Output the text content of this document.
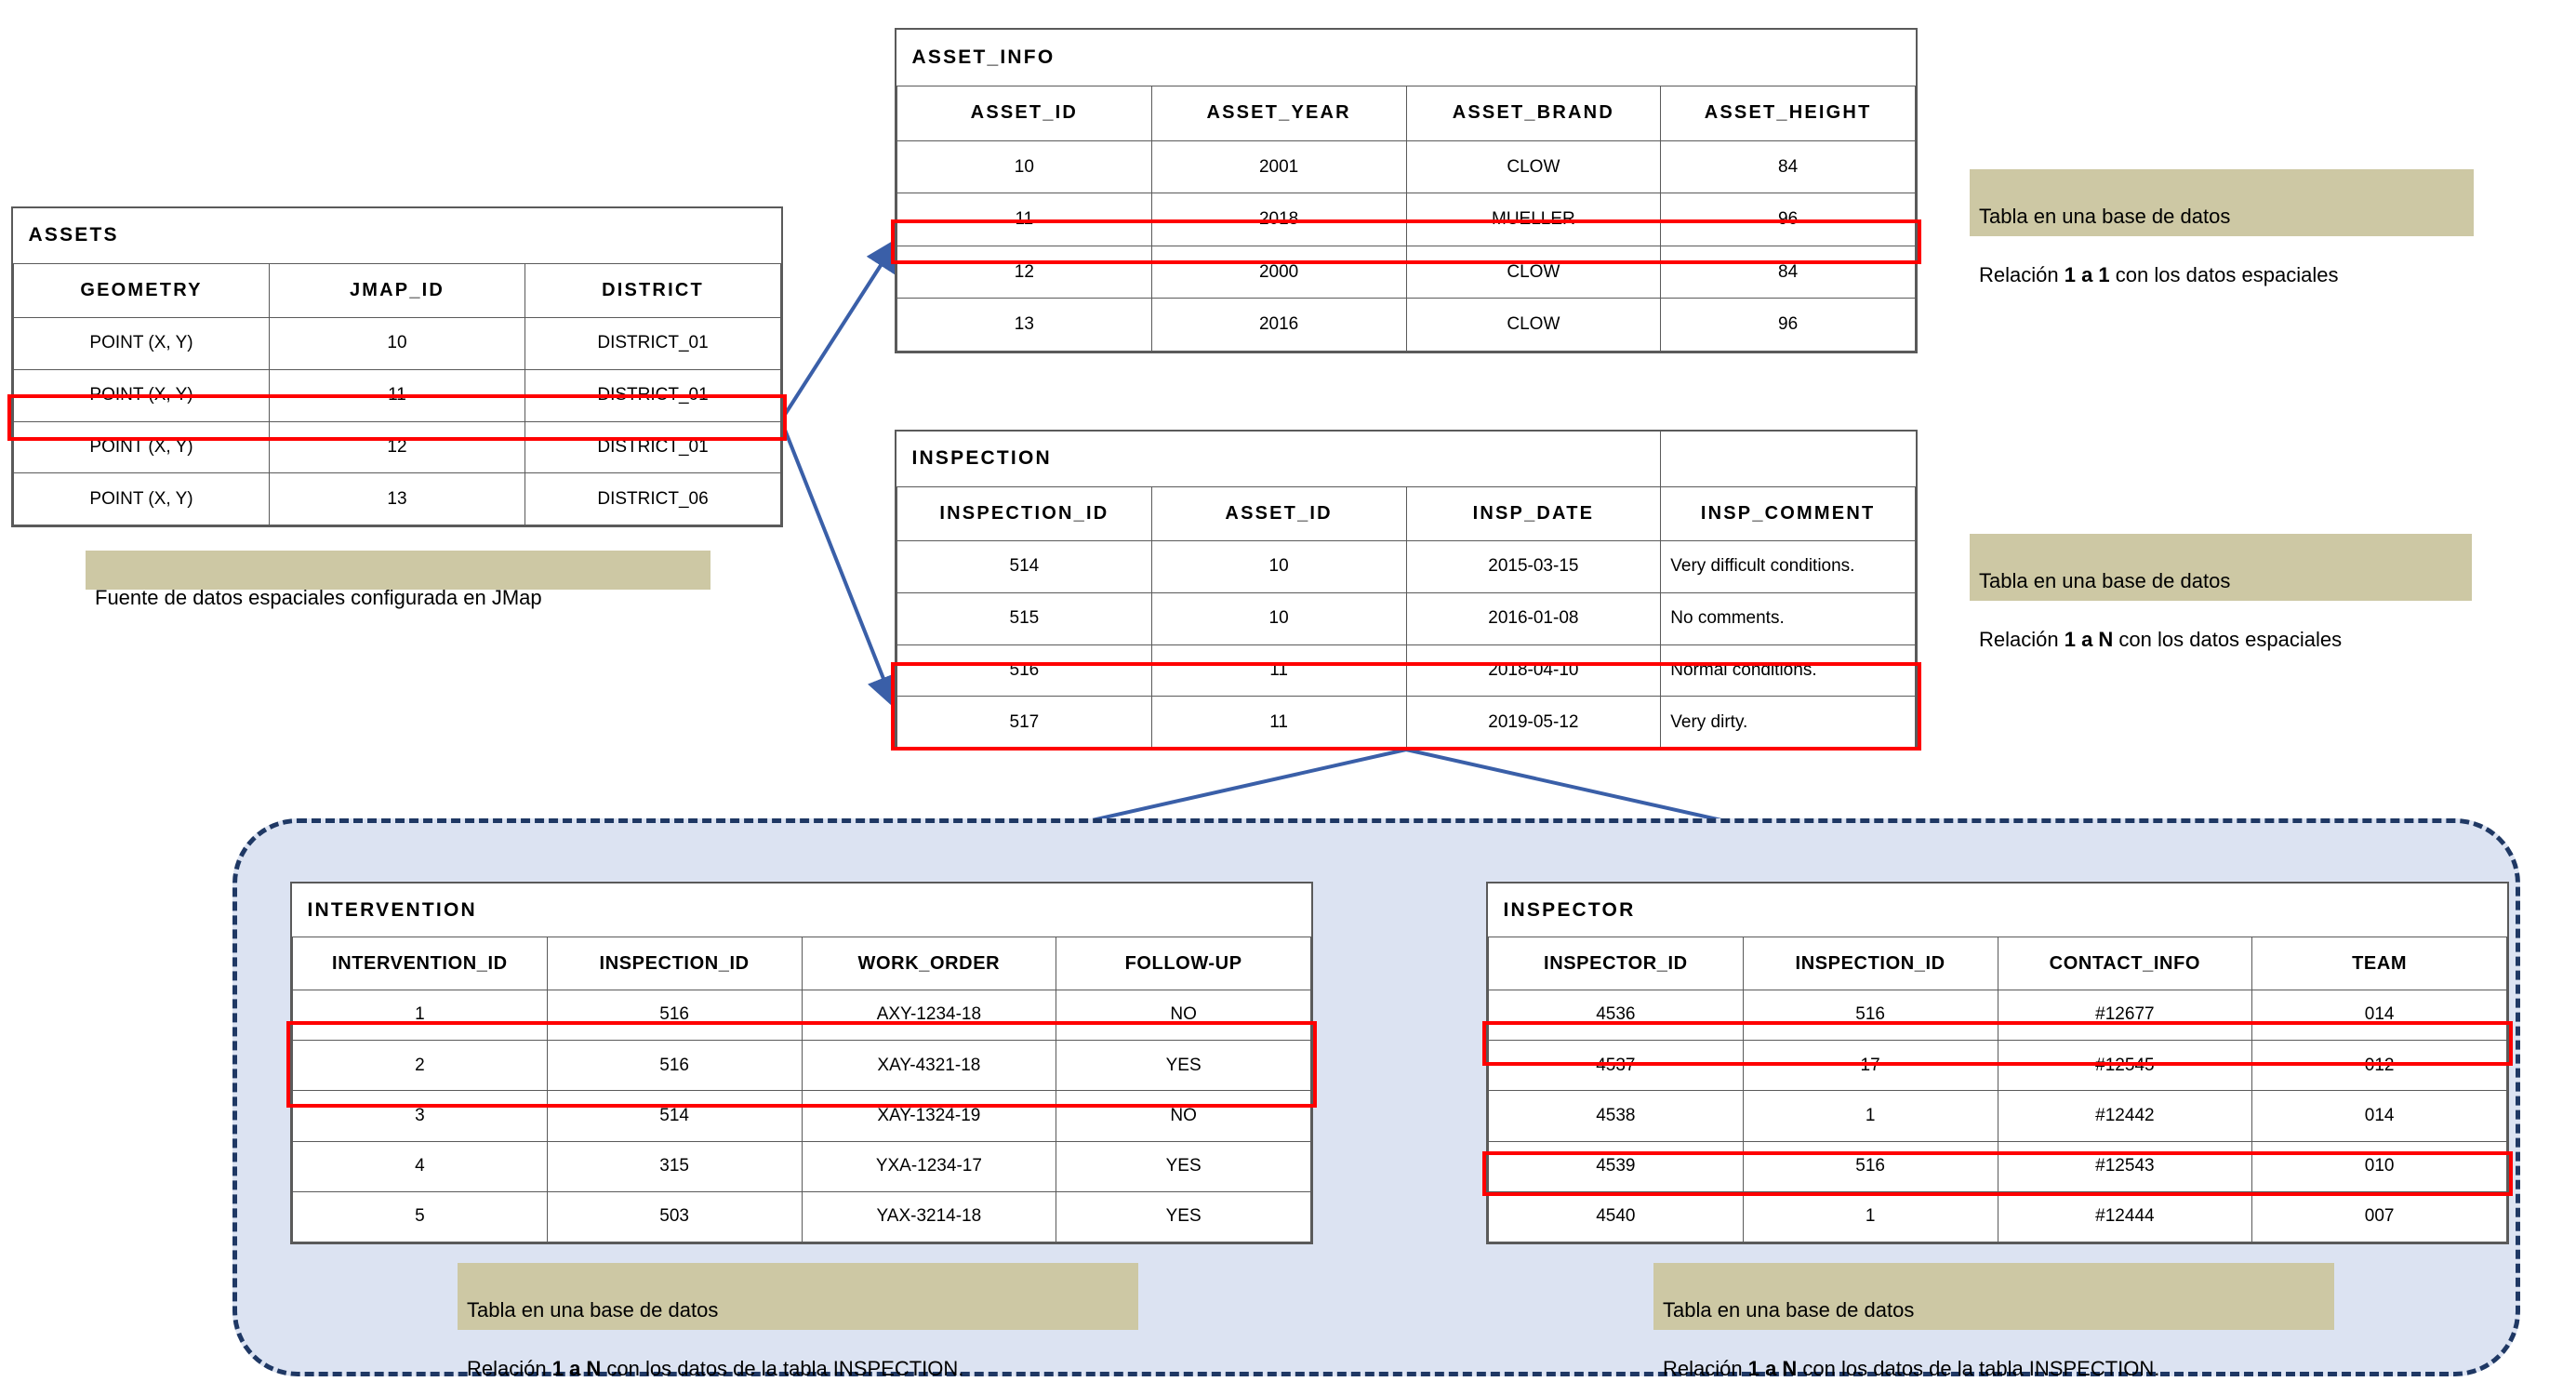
ASSETS		
GEOMETRY	JMAP_ID	DISTRICT
POINT (X, Y)	10	DISTRICT_01
POINT (X, Y)	11	DISTRICT_01
POINT (X, Y)	12	DISTRICT_01
POINT (X, Y)	13	DISTRICT_06

Fuente de datos espaciales configurada en JMap

ASSET_INFO			
ASSET_ID	ASSET_YEAR	ASSET_BRAND	ASSET_HEIGHT
10	2001	CLOW	84
11	2018	MUELLER	96
12	2000	CLOW	84
13	2016	CLOW	96

Tabla en una base de datos

Relación 1 a 1 con los datos espaciales

INSPECTION			
INSPECTION_ID	ASSET_ID	INSP_DATE	INSP_COMMENT
514	10	2015-03-15	Very difficult conditions.
515	10	2016-01-08	No comments.
516	11	2018-04-10	Normal conditions.
517	11	2019-05-12	Very dirty.

Tabla en una base de datos

Relación 1 a N con los datos espaciales

INTERVENTION			
INTERVENTION_ID	INSPECTION_ID	WORK_ORDER	FOLLOW-UP
1	516	AXY-1234-18	NO
2	516	XAY-4321-18	YES
3	514	XAY-1324-19	NO
4	315	YXA-1234-17	YES
5	503	YAX-3214-18	YES

Tabla en una base de datos

Relación 1 a N con los datos de la tabla INSPECTION.

INSPECTOR			
INSPECTOR_ID	INSPECTION_ID	CONTACT_INFO	TEAM
4536	516	#12677	014
4537	17	#12545	012
4538	1	#12442	014
4539	516	#12543	010
4540	1	#12444	007

Tabla en una base de datos

Relación 1 a N con los datos de la tabla INSPECTION.
